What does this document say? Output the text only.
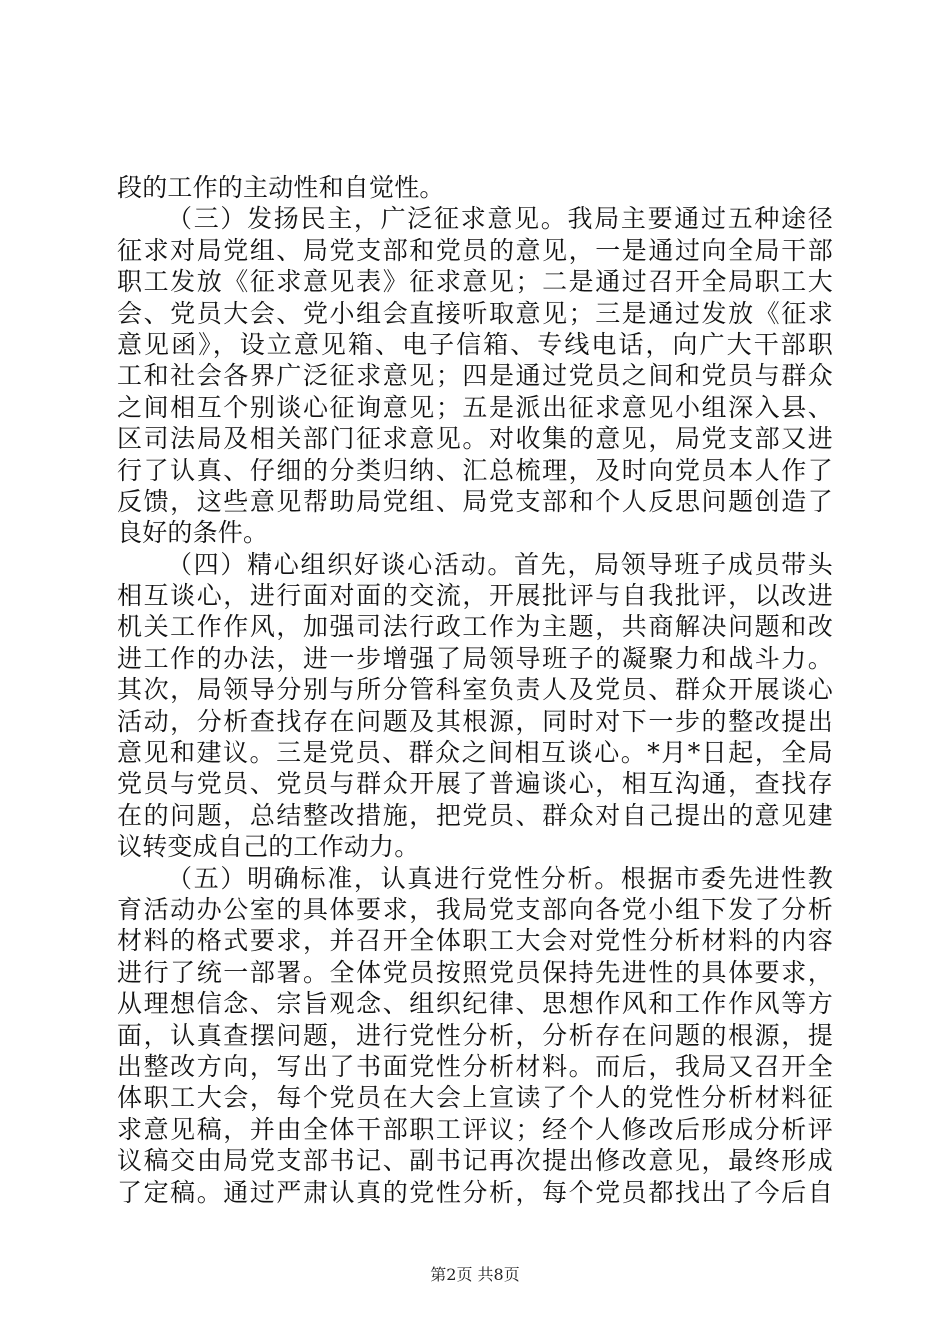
段的工作的主动性和自觉性。
（三）发扬民主，广泛征求意见。我局主要通过五种途径
征求对局党组、局党支部和党员的意见，一是通过向全局干部
职工发放《征求意见表》征求意见；二是通过召开全局职工大
会、党员大会、党小组会直接听取意见；三是通过发放《征求
意见函》，设立意见箱、电子信箱、专线电话，向广大干部职
工和社会各界广泛征求意见；四是通过党员之间和党员与群众
之间相互个别谈心征询意见；五是派出征求意见小组深入县、
区司法局及相关部门征求意见。对收集的意见，局党支部又进
行了认真、仔细的分类归纳、汇总梳理，及时向党员本人作了
反馈，这些意见帮助局党组、局党支部和个人反思问题创造了
良好的条件。
（四）精心组织好谈心活动。首先，局领导班子成员带头
相互谈心，进行面对面的交流，开展批评与自我批评，以改进
机关工作作风，加强司法行政工作为主题，共商解决问题和改
进工作的办法，进一步增强了局领导班子的凝聚力和战斗力。
其次，局领导分别与所分管科室负责人及党员、群众开展谈心
活动，分析查找存在问题及其根源，同时对下一步的整改提出
意见和建议。三是党员、群众之间相互谈心。*月*日起，全局
党员与党员、党员与群众开展了普遍谈心，相互沟通，查找存
在的问题，总结整改措施，把党员、群众对自己提出的意见建
议转变成自己的工作动力。
（五）明确标准，认真进行党性分析。根据市委先进性教
育活动办公室的具体要求，我局党支部向各党小组下发了分析
材料的格式要求，并召开全体职工大会对党性分析材料的内容
进行了统一部署。全体党员按照党员保持先进性的具体要求，
从理想信念、宗旨观念、组织纪律、思想作风和工作作风等方
面，认真查摆问题，进行党性分析，分析存在问题的根源，提
出整改方向，写出了书面党性分析材料。而后，我局又召开全
体职工大会，每个党员在大会上宣读了个人的党性分析材料征
求意见稿，并由全体干部职工评议；经个人修改后形成分析评
议稿交由局党支部书记、副书记再次提出修改意见，最终形成
了定稿。通过严肃认真的党性分析，每个党员都找出了今后自
第2页 共8页
